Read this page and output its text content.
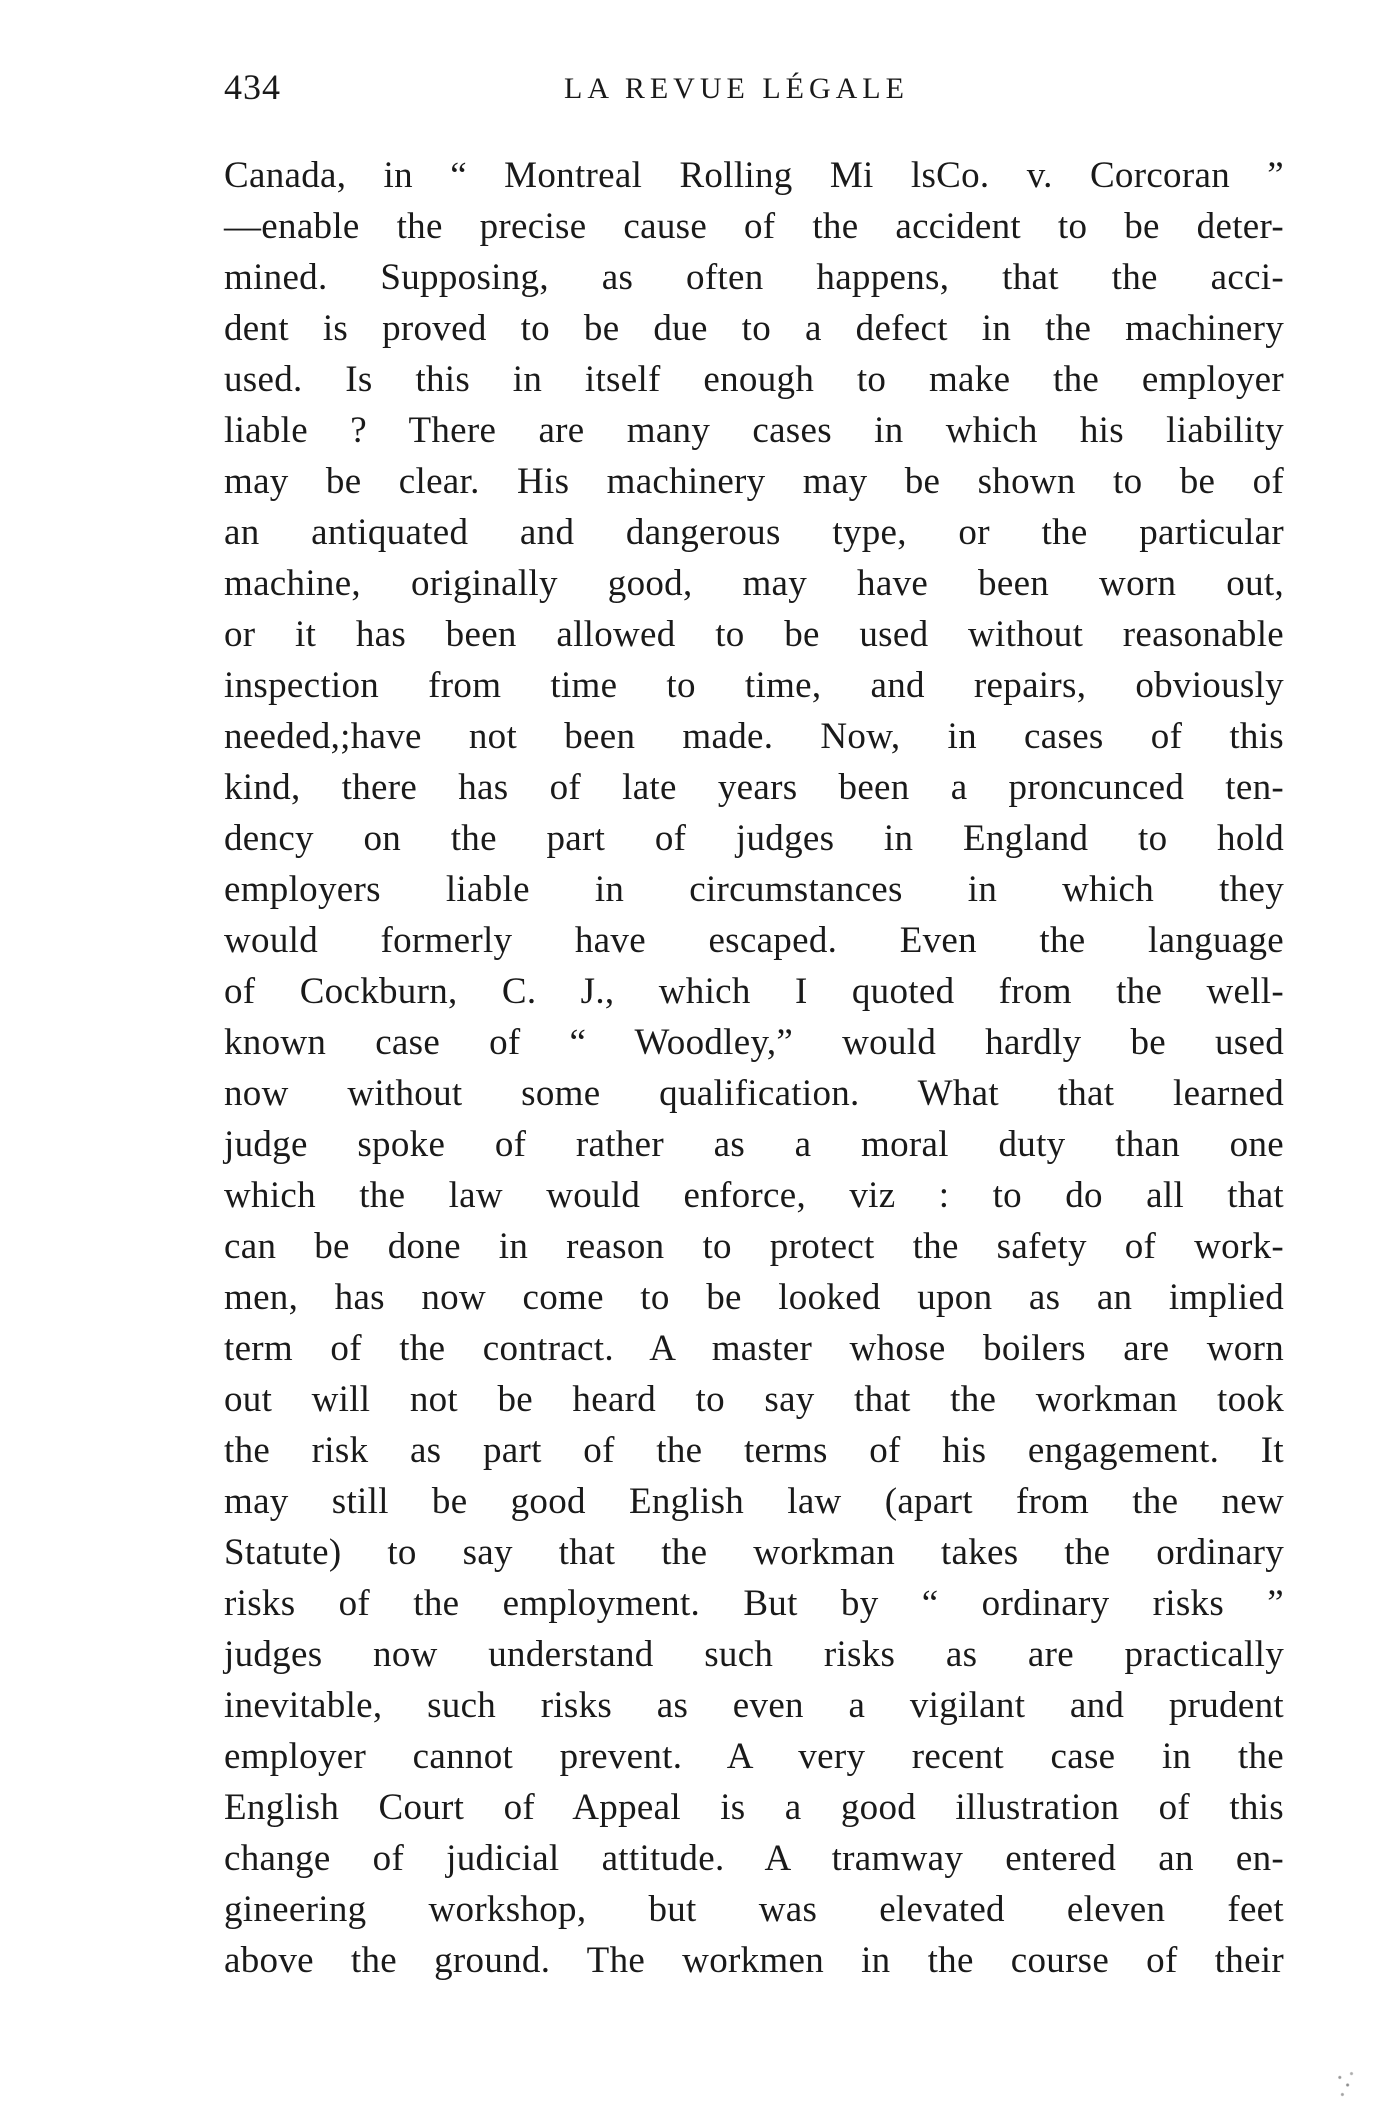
434	LA REVUE LÉGALE
Canada, in “ Montreal Rolling Mi lsCo. v. Corcoran ”
—enable the precise cause of the accident to be deter-
mined. Supposing, as often happens, that the acci-
dent is proved to be due to a defect in the machinery
used. Is this in itself enough to make the employer
liable ? There are many cases in which his liability
may be clear. His machinery may be shown to be of
an antiquated and dangerous type, or the particular
machine, originally good, may have been worn out,
or it has been allowed to be used without reasonable
inspection from time to time, and repairs, obviously
needed,;have not been made. Now, in cases of this
kind, there has of late years been a proncunced ten-
dency on the part of judges in England to hold
employers liable in circumstances in which they
would formerly have escaped. Even the language
of Cockburn, C. J., which I quoted from the well-
known case of “ Woodley,” would hardly be used
now without some qualification. What that learned
judge spoke of rather as a moral duty than one
which the law would enforce, viz : to do all that
can be done in reason to protect the safety of work-
men, has now come to be looked upon as an implied
term of the contract. A master whose boilers are worn
out will not be heard to say that the workman took
the risk as part of the terms of his engagement. It
may still be good English law (apart from the new
Statute) to say that the workman takes the ordinary
risks of the employment. But by “ ordinary risks ”
judges now understand such risks as are practically
inevitable, such risks as even a vigilant and prudent
employer cannot prevent. A very recent case in the
English Court of Appeal is a good illustration of this
change of judicial attitude. A tramway entered an en-
gineering workshop, but was elevated eleven feet
above the ground. The workmen in the course of their
